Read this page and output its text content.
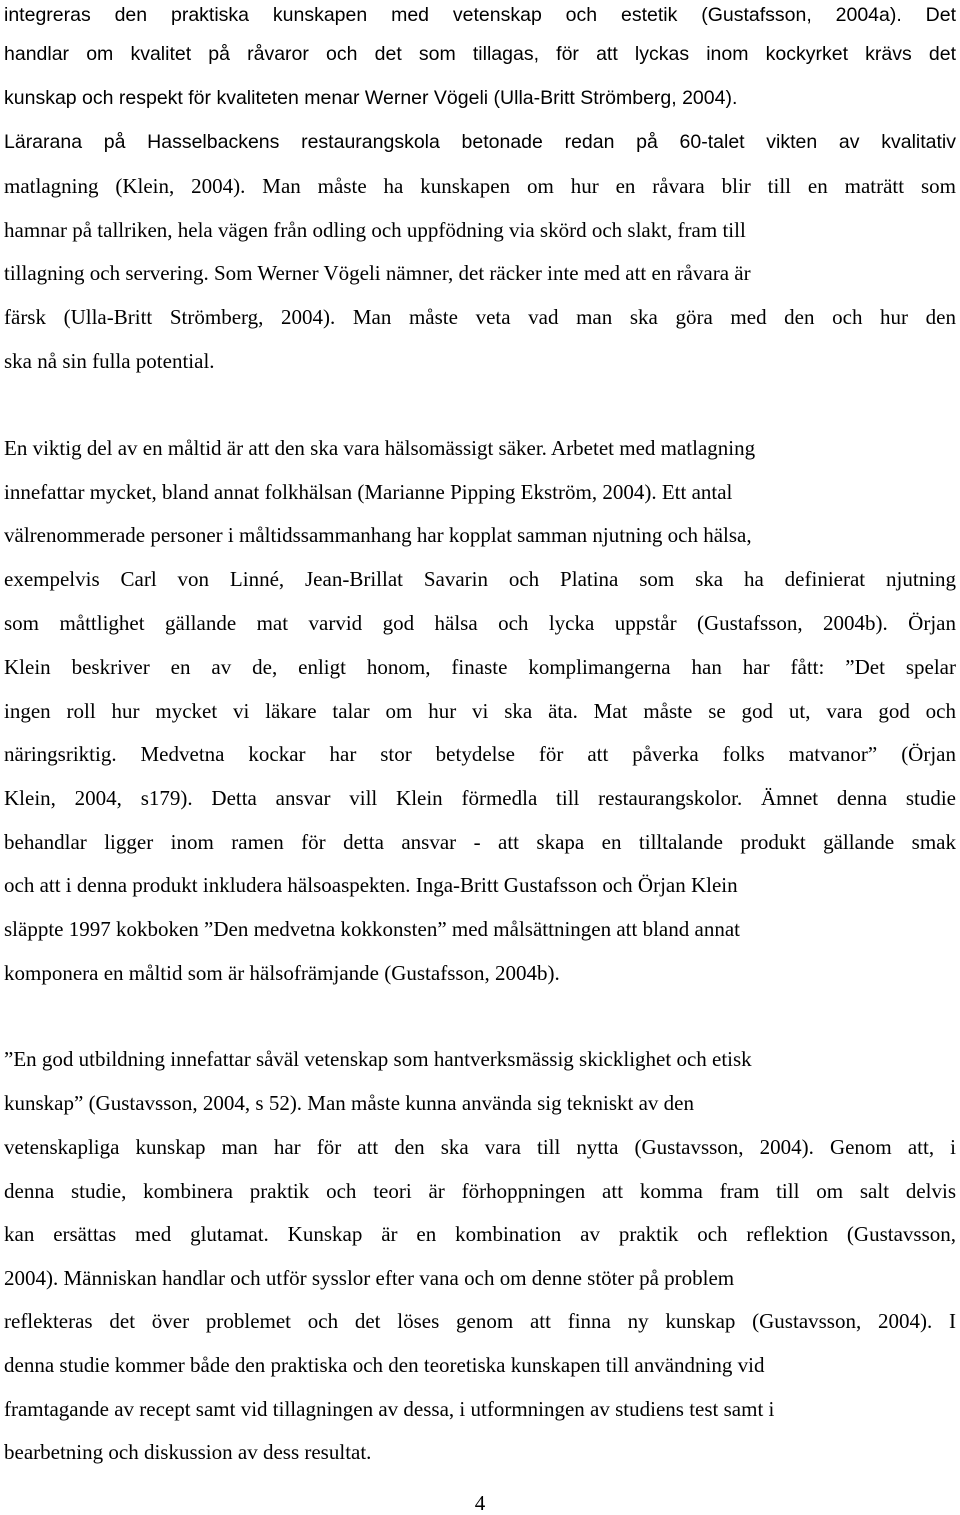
integreras den praktiska kunskapen med vetenskap och estetik (Gustafsson, 2004a). Det
handlar om kvalitet på råvaror och det som tillagas, för att lyckas inom kockyrket krävs det
kunskap och respekt för kvaliteten menar Werner Vögeli (Ulla-Britt Strömberg, 2004).
Lärarana på Hasselbackens restaurangskola betonade redan på 60-talet vikten av kvalitativ
matlagning (Klein, 2004). Man måste ha kunskapen om hur en råvara blir till en maträtt som
hamnar på tallriken, hela vägen från odling och uppfödning via skörd och slakt, fram till
tillagning och servering. Som Werner Vögeli nämner, det räcker inte med att en råvara är
färsk (Ulla-Britt Strömberg, 2004). Man måste veta vad man ska göra med den och hur den
ska nå sin fulla potential.
En viktig del av en måltid är att den ska vara hälsomässigt säker. Arbetet med matlagning
innefattar mycket, bland annat folkhälsan (Marianne Pipping Ekström, 2004). Ett antal
välrenommerade personer i måltidssammanhang har kopplat samman njutning och hälsa,
exempelvis Carl von Linné, Jean-Brillat Savarin och Platina som ska ha definierat njutning
som måttlighet gällande mat varvid god hälsa och lycka uppstår (Gustafsson, 2004b). Örjan
Klein beskriver en av de, enligt honom, finaste komplimangerna han har fått: ”Det spelar
ingen roll hur mycket vi läkare talar om hur vi ska äta. Mat måste se god ut, vara god och
näringsriktig. Medvetna kockar har stor betydelse för att påverka folks matvanor” (Örjan
Klein, 2004, s179). Detta ansvar vill Klein förmedla till restaurangskolor. Ämnet denna studie
behandlar ligger inom ramen för detta ansvar - att skapa en tilltalande produkt gällande smak
och att i denna produkt inkludera hälsoaspekten. Inga-Britt Gustafsson och Örjan Klein
släppte 1997 kokboken ”Den medvetna kokkonsten” med målsättningen att bland annat
komponera en måltid som är hälsofrämjande (Gustafsson, 2004b).
”En god utbildning innefattar såväl vetenskap som hantverksmässig skicklighet och etisk
kunskap” (Gustavsson, 2004, s 52). Man måste kunna använda sig tekniskt av den
vetenskapliga kunskap man har för att den ska vara till nytta (Gustavsson, 2004). Genom att, i
denna studie, kombinera praktik och teori är förhoppningen att komma fram till om salt delvis
kan ersättas med glutamat. Kunskap är en kombination av praktik och reflektion (Gustavsson,
2004). Människan handlar och utför sysslor efter vana och om denne stöter på problem
reflekteras det över problemet och det löses genom att finna ny kunskap (Gustavsson, 2004). I
denna studie kommer både den praktiska och den teoretiska kunskapen till användning vid
framtagande av recept samt vid tillagningen av dessa, i utformningen av studiens test samt i
bearbetning och diskussion av dess resultat.
4
